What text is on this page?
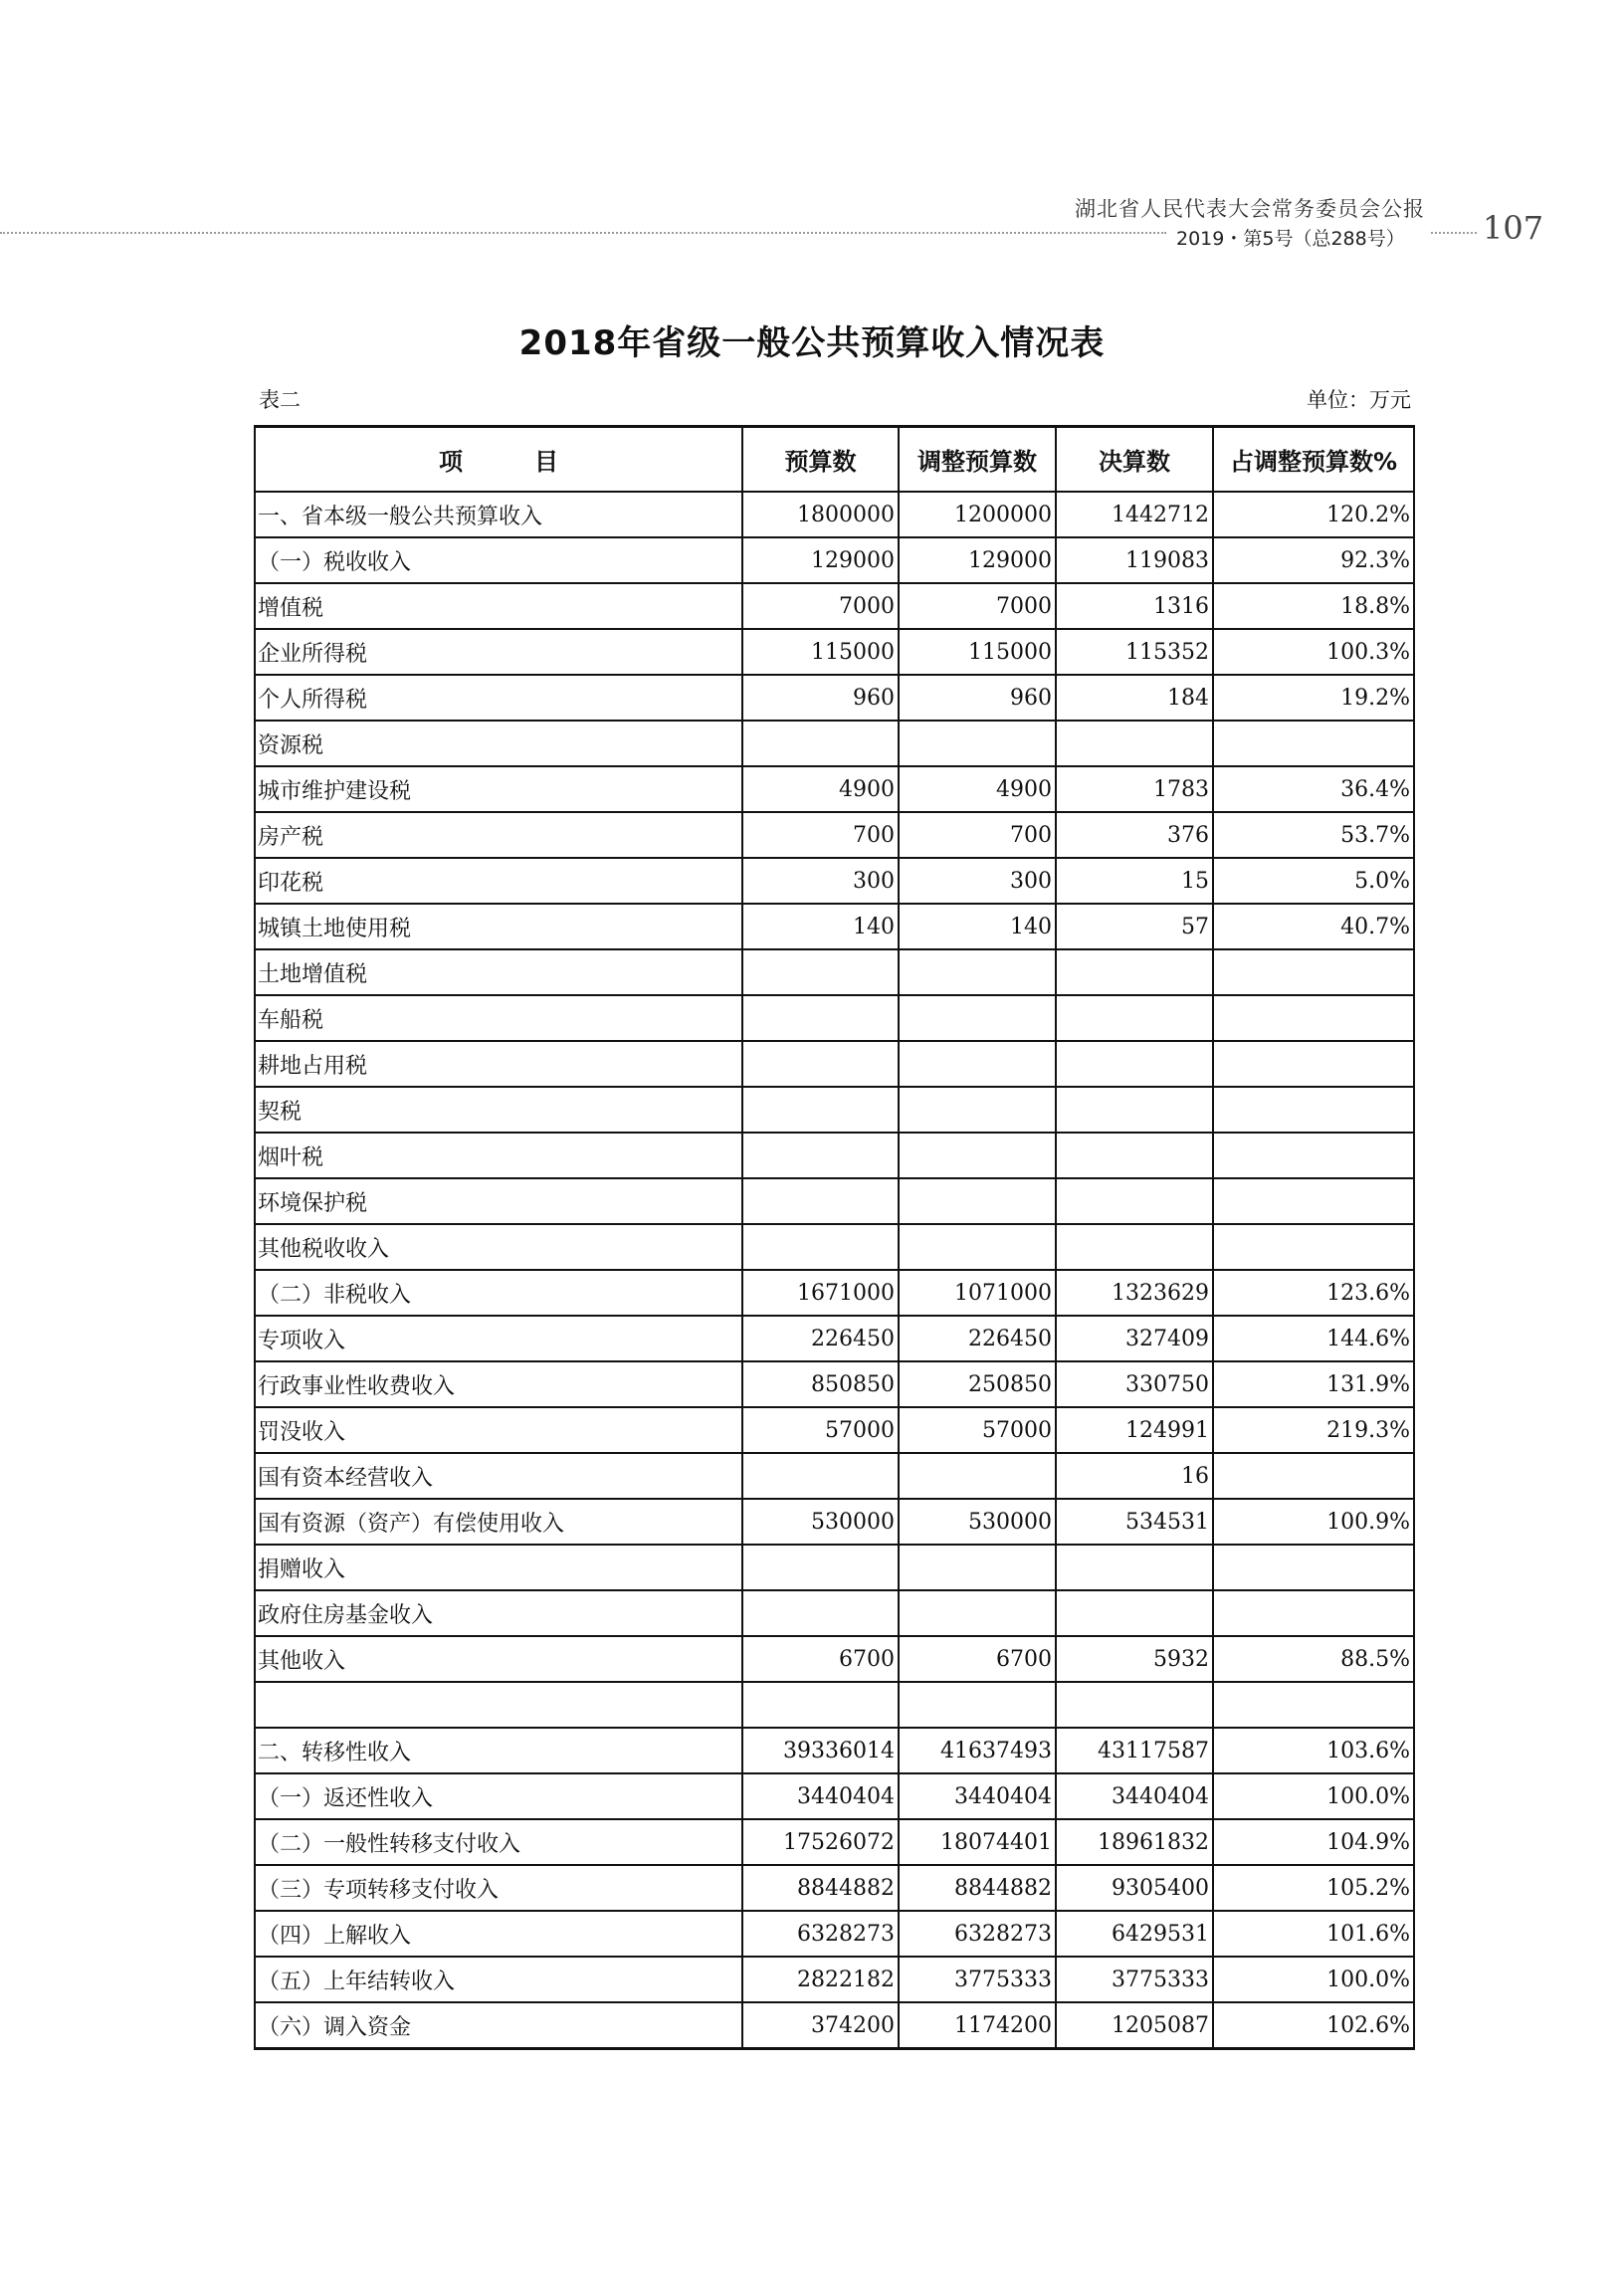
湖北省人民代表大会常务委员会公报
2019・第5号（总288号） 107
2018年省级一般公共预算收入情况表
表二	单位：万元
项　　　目	预算数	调整预算数	决算数	占调整预算数%
一、省本级一般公共预算收入	1800000	1200000	1442712	120.2%
（一）税收收入	129000	129000	119083	92.3%
增值税	7000	7000	1316	18.8%
企业所得税	115000	115000	115352	100.3%
个人所得税	960	960	184	19.2%
资源税				
城市维护建设税	4900	4900	1783	36.4%
房产税	700	700	376	53.7%
印花税	300	300	15	5.0%
城镇土地使用税	140	140	57	40.7%
土地增值税				
车船税				
耕地占用税				
契税				
烟叶税				
环境保护税				
其他税收收入				
（二）非税收入	1671000	1071000	1323629	123.6%
专项收入	226450	226450	327409	144.6%
行政事业性收费收入	850850	250850	330750	131.9%
罚没收入	57000	57000	124991	219.3%
国有资本经营收入			16	
国有资源（资产）有偿使用收入	530000	530000	534531	100.9%
捐赠收入				
政府住房基金收入				
其他收入	6700	6700	5932	88.5%

二、转移性收入	39336014	41637493	43117587	103.6%
（一）返还性收入	3440404	3440404	3440404	100.0%
（二）一般性转移支付收入	17526072	18074401	18961832	104.9%
（三）专项转移支付收入	8844882	8844882	9305400	105.2%
（四）上解收入	6328273	6328273	6429531	101.6%
（五）上年结转收入	2822182	3775333	3775333	100.0%
（六）调入资金	374200	1174200	1205087	102.6%
